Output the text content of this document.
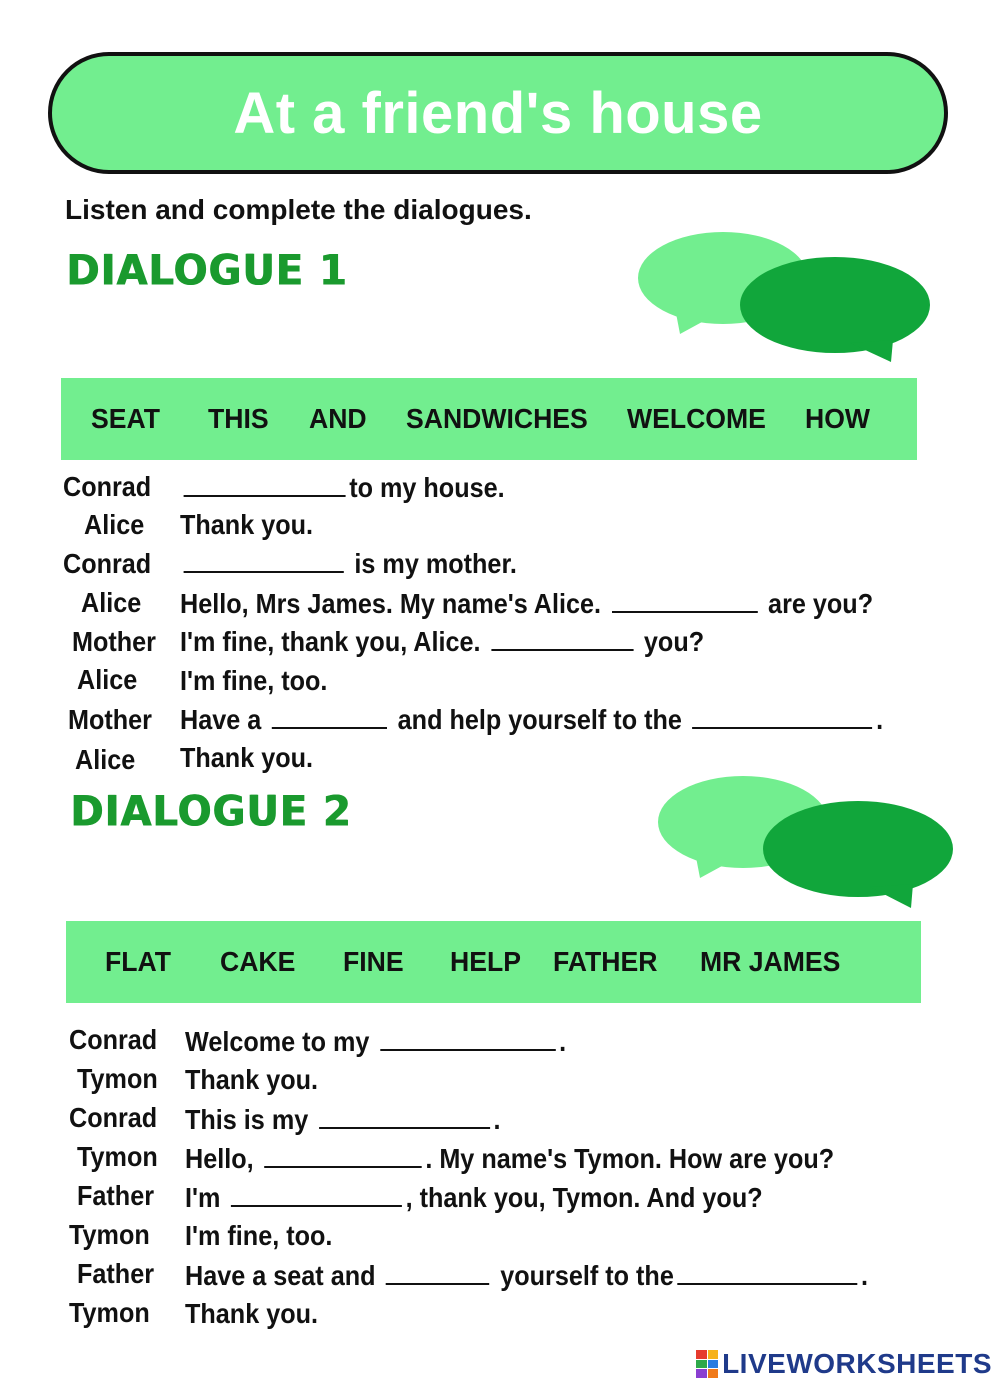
At a friend's house
Listen and complete the dialogues.
DIALOGUE 1
SEAT THIS AND SANDWICHES WELCOME HOW
Conrad	to my house.
Alice Thank you.
Conrad	is my mother.
Alice Hello, Mrs James. My name's Alice.	are you?
Mother I'm fine, thank you, Alice.	you?
Alice I'm fine, too.
Mother Have a	and help yourself to the	.
Alice Thank you.
DIALOGUE 2
FLAT CAKE FINE HELP FATHER MR JAMES
Conrad Welcome to my	.
Tymon Thank you.
Conrad This is my	.
Tymon Hello,	. My name's Tymon. How are you?
Father I'm	, thank you, Tymon. And you?
Tymon I'm fine, too.
Father Have a seat and	yourself to the	.
Tymon Thank you.
LIVEWORKSHEETS
